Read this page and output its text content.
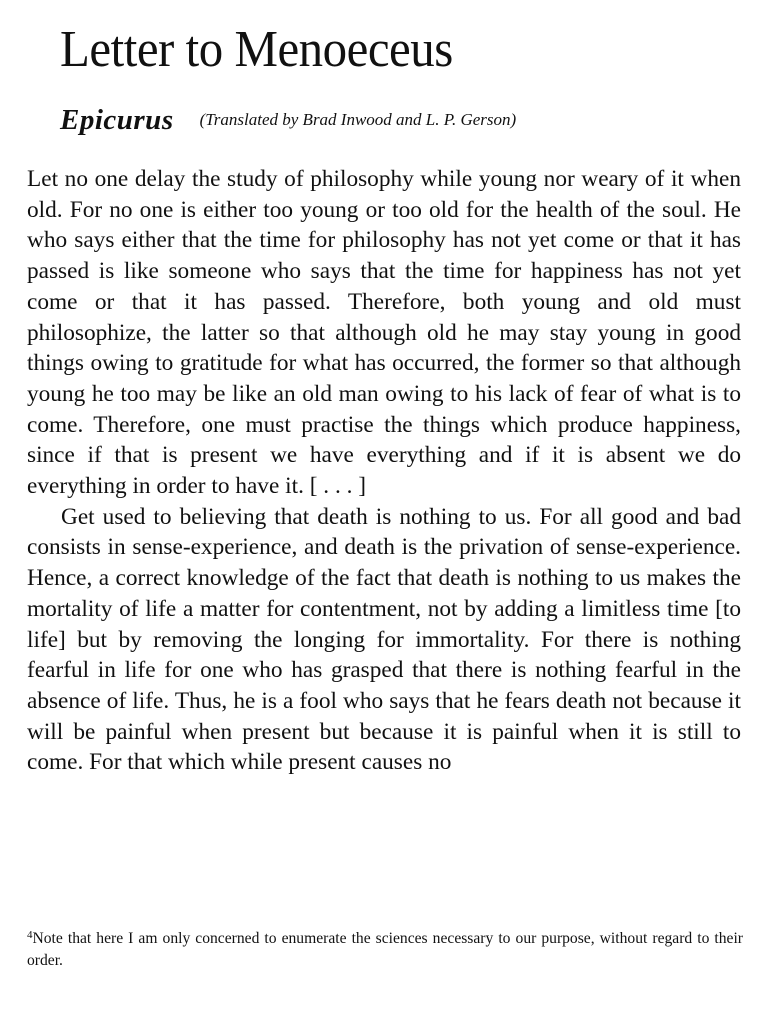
Letter to Menoeceus
Epicurus (Translated by Brad Inwood and L. P. Gerson)

Let no one delay the study of philosophy while young nor weary of it when old. For no one is either too young or too old for the health of the soul. He who says either that the time for philosophy has not yet come or that it has passed is like someone who says that the time for happiness has not yet come or that it has passed. Therefore, both young and old must philosophize, the latter so that although old he may stay young in good things owing to gratitude for what has occurred, the former so that although young he too may be like an old man owing to his lack of fear of what is to come. Therefore, one must practise the things which produce happiness, since if that is present we have everything and if it is absent we do everything in order to have it. [ . . . ]

Get used to believing that death is nothing to us. For all good and bad consists in sense-experience, and death is the privation of sense-experience. Hence, a correct knowledge of the fact that death is nothing to us makes the mortality of life a matter for contentment, not by adding a limitless time [to life] but by removing the longing for immortality. For there is nothing fearful in life for one who has grasped that there is nothing fearful in the absence of life. Thus, he is a fool who says that he fears death not because it will be painful when present but because it is painful when it is still to come. For that which while present causes no

$^4$Note that here I am only concerned to enumerate the sciences necessary to our purpose, without regard to their order.
